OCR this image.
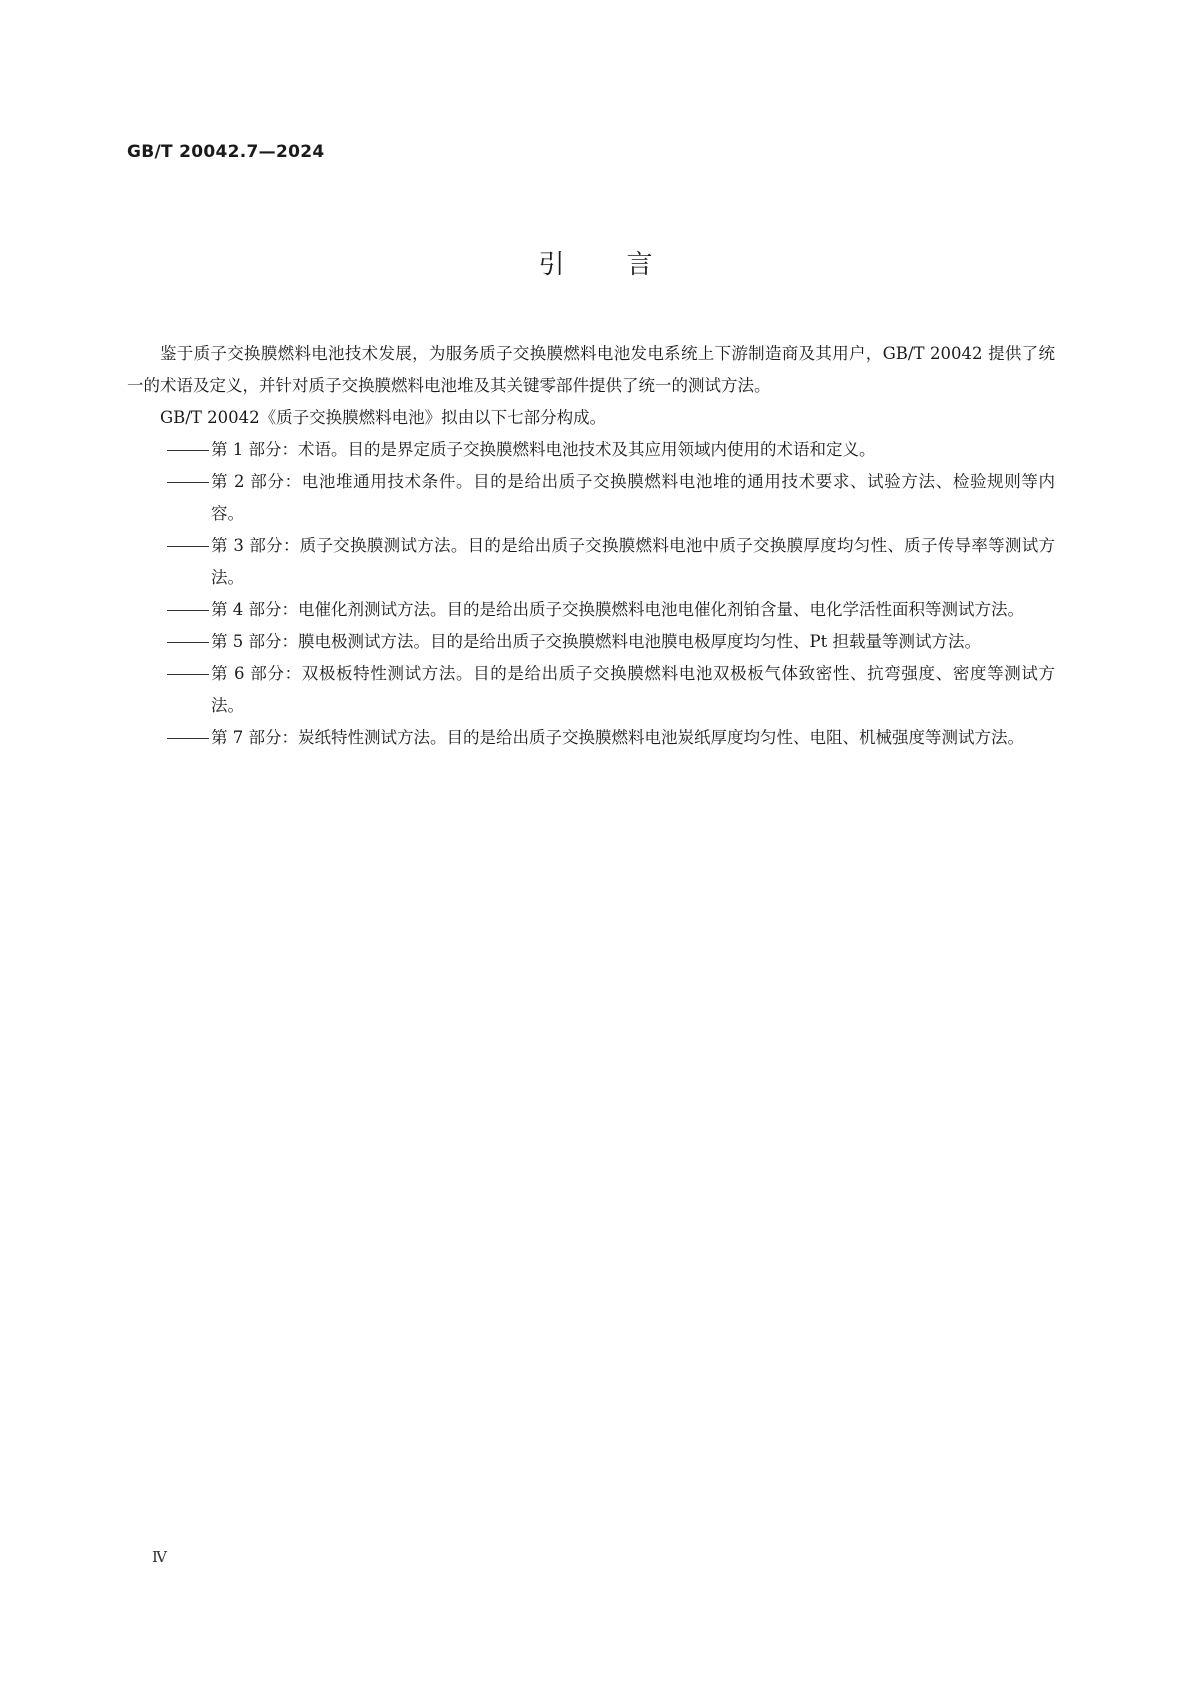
GB/T 20042.7—2024
引言

鉴于质子交换膜燃料电池技术发展，为服务质子交换膜燃料电池发电系统上下游制造商及其用户，GB/T 20042 提供了统一的术语及定义，并针对质子交换膜燃料电池堆及其关键零部件提供了统一的测试方法。

GB/T 20042《质子交换膜燃料电池》拟由以下七部分构成。

第 1 部分：术语。目的是界定质子交换膜燃料电池技术及其应用领域内使用的术语和定义。
第 2 部分：电池堆通用技术条件。目的是给出质子交换膜燃料电池堆的通用技术要求、试验方法、检验规则等内容。
第 3 部分：质子交换膜测试方法。目的是给出质子交换膜燃料电池中质子交换膜厚度均匀性、质子传导率等测试方法。
第 4 部分：电催化剂测试方法。目的是给出质子交换膜燃料电池电催化剂铂含量、电化学活性面积等测试方法。
第 5 部分：膜电极测试方法。目的是给出质子交换膜燃料电池膜电极厚度均匀性、Pt 担载量等测试方法。
第 6 部分：双极板特性测试方法。目的是给出质子交换膜燃料电池双极板气体致密性、抗弯强度、密度等测试方法。
第 7 部分：炭纸特性测试方法。目的是给出质子交换膜燃料电池炭纸厚度均匀性、电阻、机械强度等测试方法。
Ⅳ
